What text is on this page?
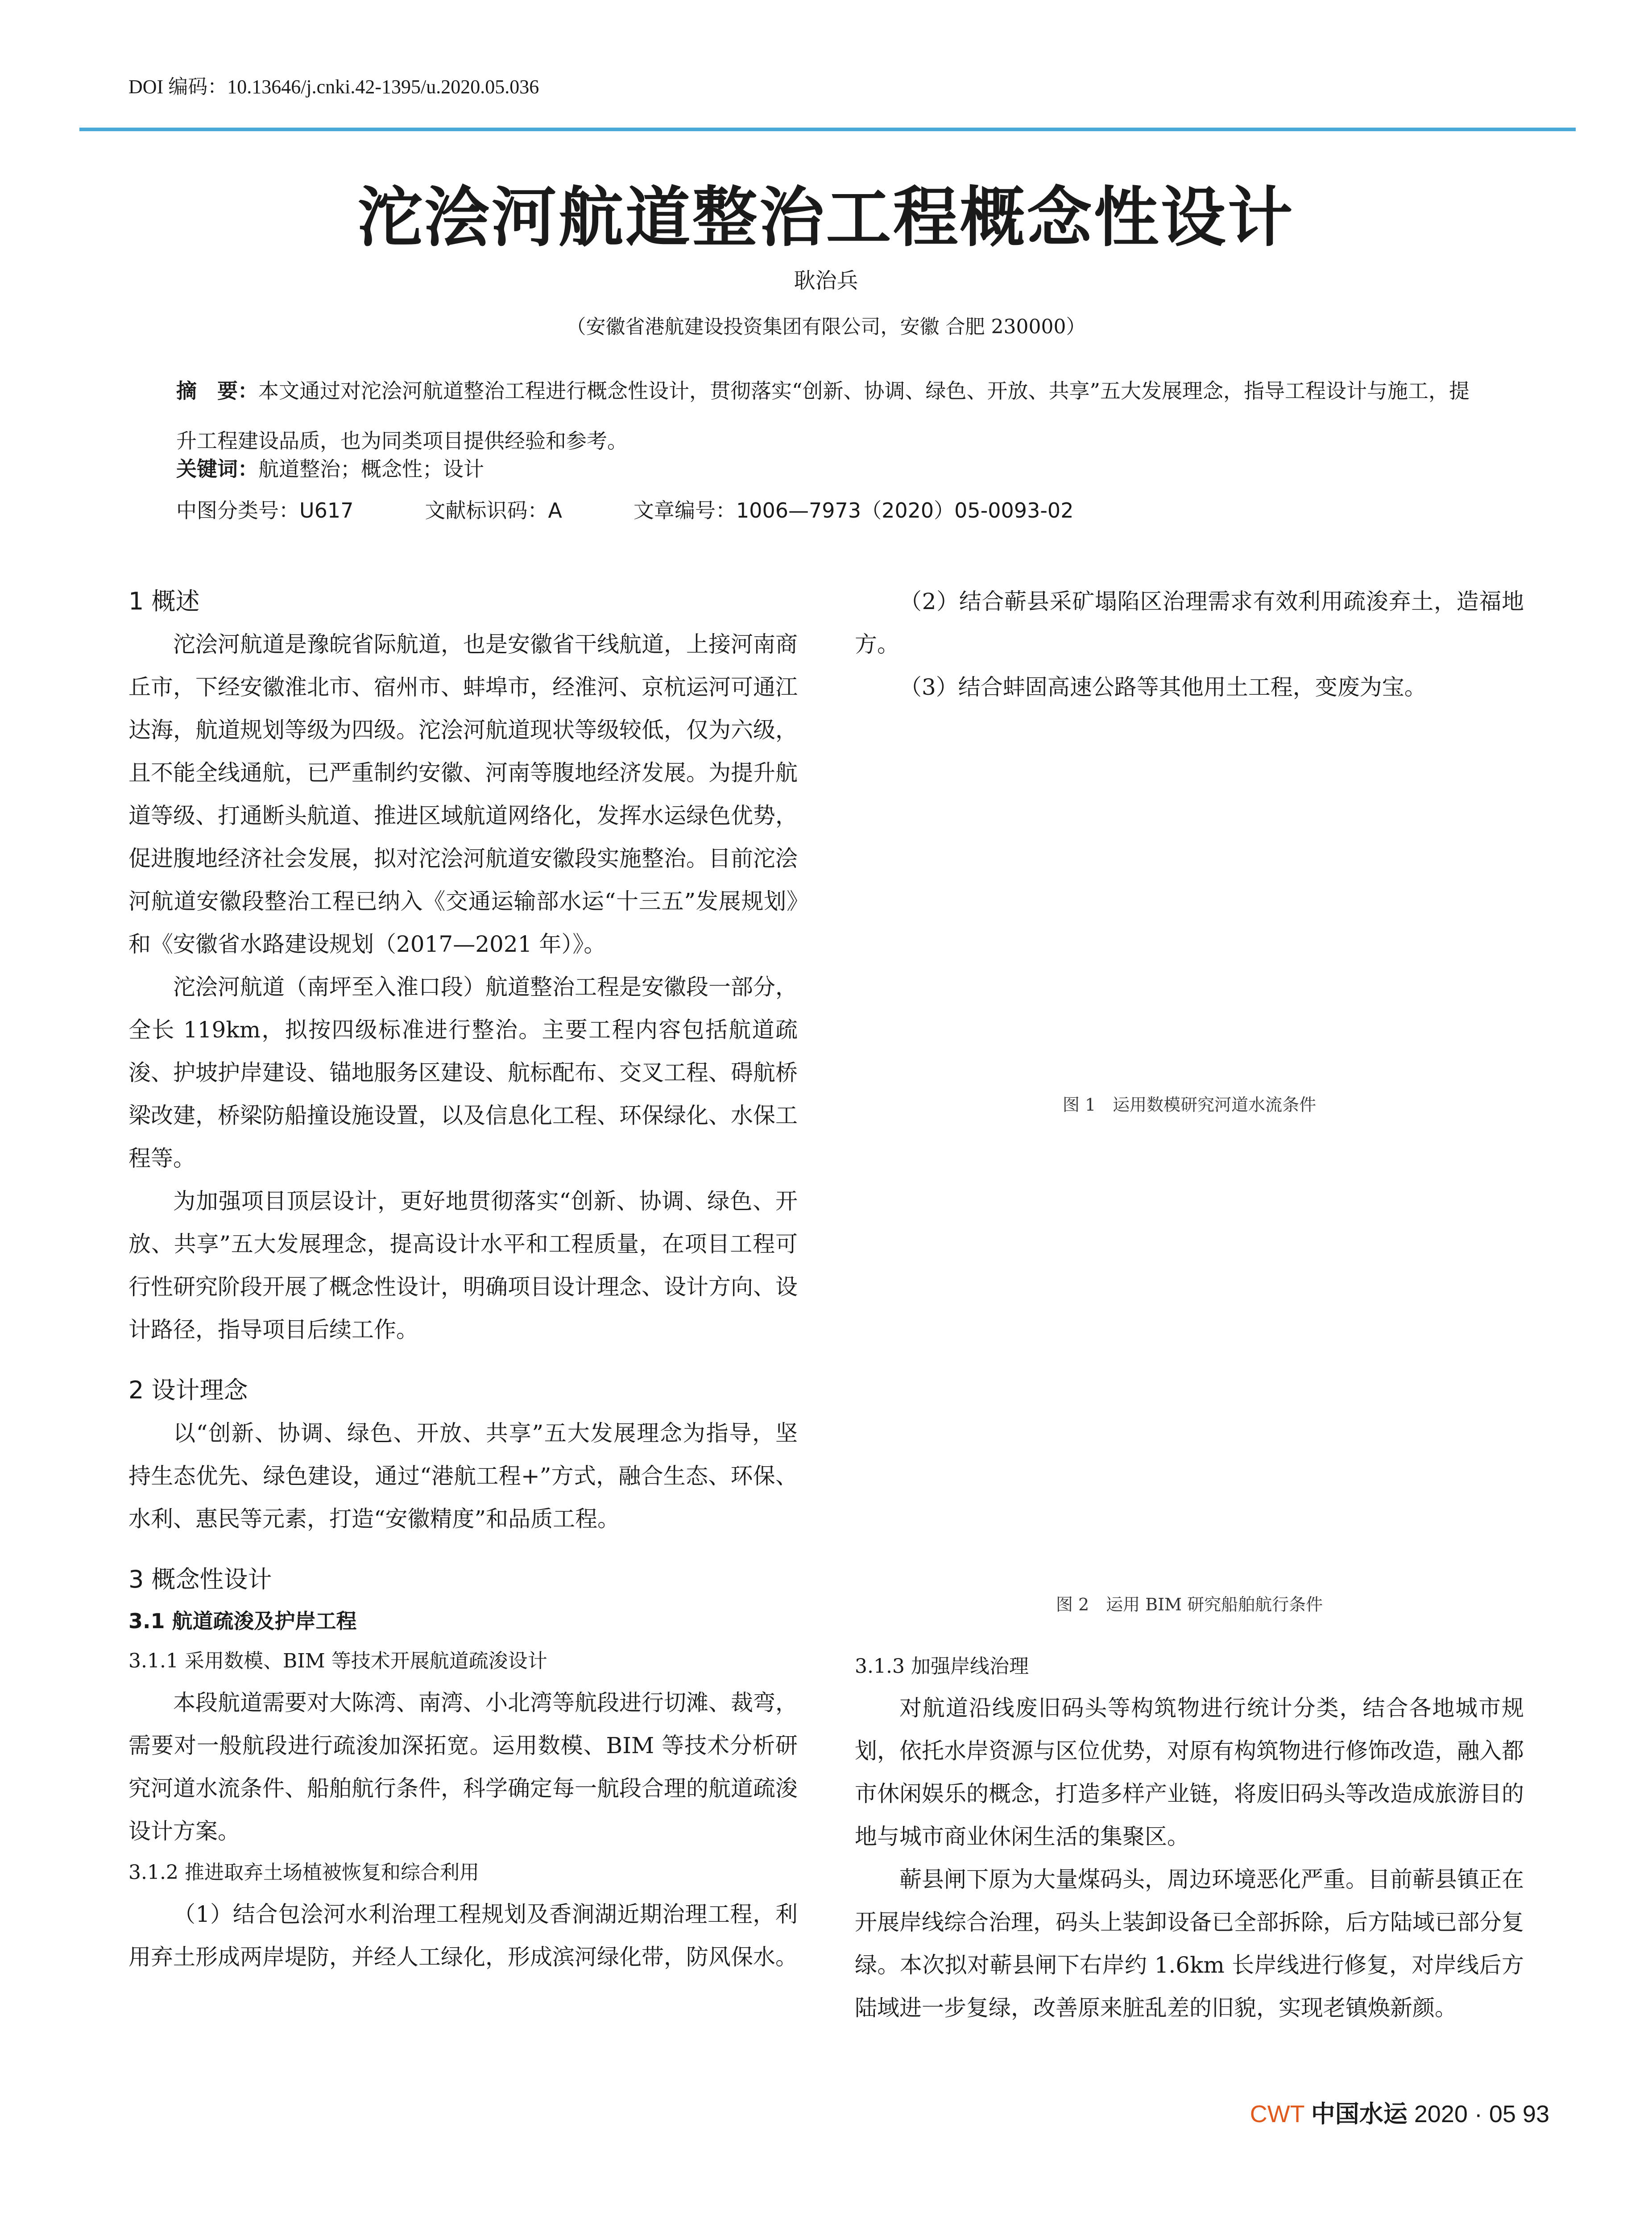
DOI 编码：10.13646/j.cnki.42-1395/u.2020.05.036
沱浍河航道整治工程概念性设计
耿治兵
（安徽省港航建设投资集团有限公司，安徽 合肥 230000）
摘　要：本文通过对沱浍河航道整治工程进行概念性设计，贯彻落实“创新、协调、绿色、开放、共享”五大发展理念，指导工程设计与施工，提升工程建设品质，也为同类项目提供经验和参考。
关键词：航道整治；概念性；设计
中图分类号：U617	文献标识码：A	文章编号：1006—7973（2020）05-0093-02
1 概述

沱浍河航道是豫皖省际航道，也是安徽省干线航道，上接河南商丘市，下经安徽淮北市、宿州市、蚌埠市，经淮河、京杭运河可通江达海，航道规划等级为四级。沱浍河航道现状等级较低，仅为六级，且不能全线通航，已严重制约安徽、河南等腹地经济发展。为提升航道等级、打通断头航道、推进区域航道网络化，发挥水运绿色优势，促进腹地经济社会发展，拟对沱浍河航道安徽段实施整治。目前沱浍河航道安徽段整治工程已纳入《交通运输部水运“十三五”发展规划》和《安徽省水路建设规划（2017—2021 年）》。

沱浍河航道（南坪至入淮口段）航道整治工程是安徽段一部分，全长 119km，拟按四级标准进行整治。主要工程内容包括航道疏浚、护坡护岸建设、锚地服务区建设、航标配布、交叉工程、碍航桥梁改建，桥梁防船撞设施设置，以及信息化工程、环保绿化、水保工程等。

为加强项目顶层设计，更好地贯彻落实“创新、协调、绿色、开放、共享”五大发展理念，提高设计水平和工程质量，在项目工程可行性研究阶段开展了概念性设计，明确项目设计理念、设计方向、设计路径，指导项目后续工作。

2 设计理念

以“创新、协调、绿色、开放、共享”五大发展理念为指导，坚持生态优先、绿色建设，通过“港航工程+”方式，融合生态、环保、水利、惠民等元素，打造“安徽精度”和品质工程。

3 概念性设计
3.1 航道疏浚及护岸工程
3.1.1 采用数模、BIM 等技术开展航道疏浚设计

本段航道需要对大陈湾、南湾、小北湾等航段进行切滩、裁弯，需要对一般航段进行疏浚加深拓宽。运用数模、BIM 等技术分析研究河道水流条件、船舶航行条件，科学确定每一航段合理的航道疏浚设计方案。

3.1.2 推进取弃土场植被恢复和综合利用

（1）结合包浍河水利治理工程规划及香涧湖近期治理工程，利用弃土形成两岸堤防，并经人工绿化，形成滨河绿化带，防风保水。

（2）结合蕲县采矿塌陷区治理需求有效利用疏浚弃土，造福地方。

（3）结合蚌固高速公路等其他用土工程，变废为宝。

图 1　运用数模研究河道水流条件
图 2　运用 BIM 研究船舶航行条件
3.1.3 加强岸线治理

对航道沿线废旧码头等构筑物进行统计分类，结合各地城市规划，依托水岸资源与区位优势，对原有构筑物进行修饰改造，融入都市休闲娱乐的概念，打造多样产业链，将废旧码头等改造成旅游目的地与城市商业休闲生活的集聚区。

蕲县闸下原为大量煤码头，周边环境恶化严重。目前蕲县镇正在开展岸线综合治理，码头上装卸设备已全部拆除，后方陆域已部分复绿。本次拟对蕲县闸下右岸约 1.6km 长岸线进行修复，对岸线后方陆域进一步复绿，改善原来脏乱差的旧貌，实现老镇焕新颜。

CWT 中国水运 2020 · 05 93
